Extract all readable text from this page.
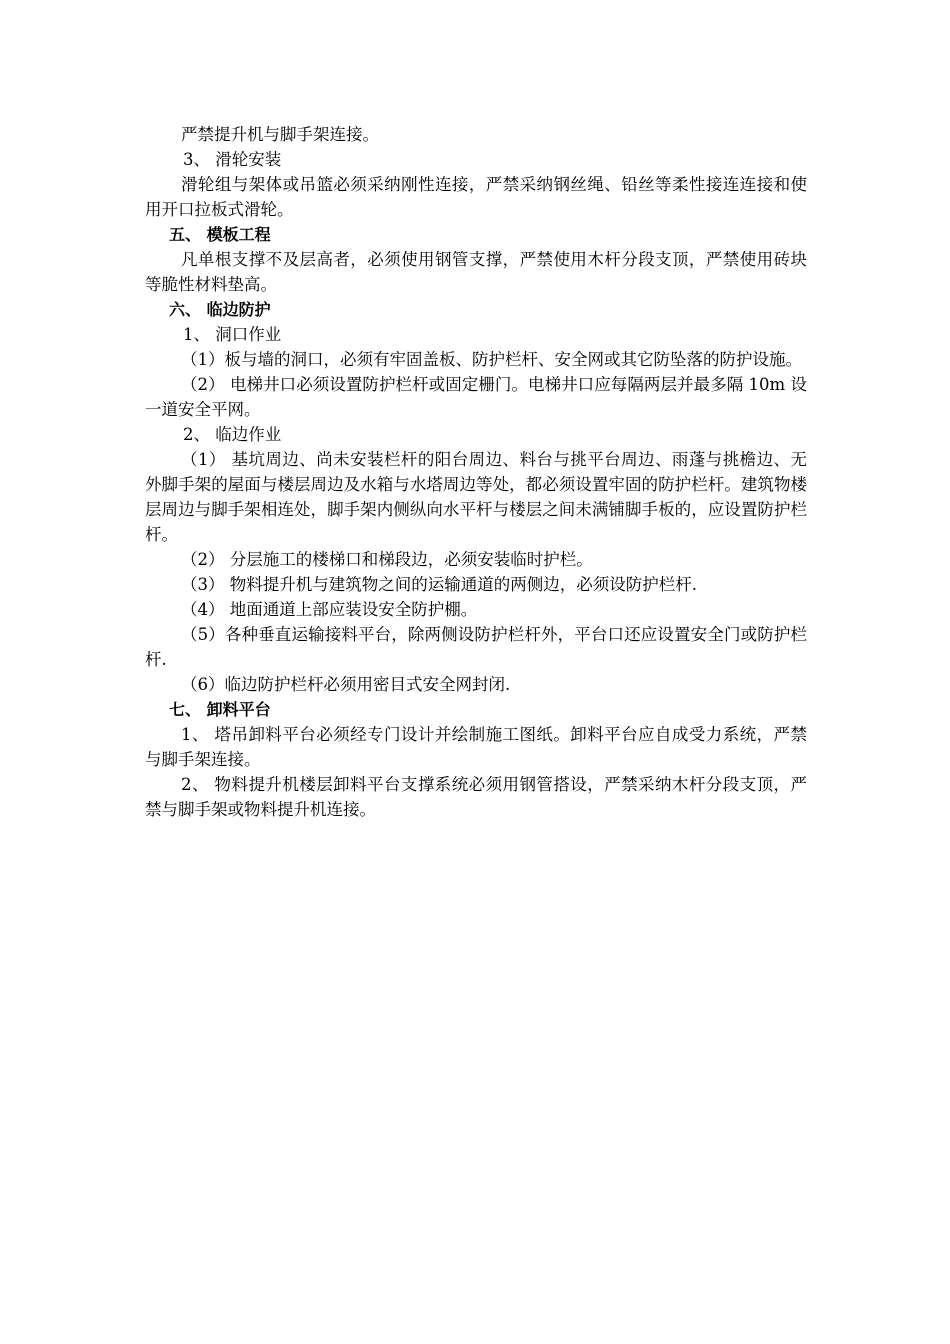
严禁提升机与脚手架连接。

3、 滑轮安装

滑轮组与架体或吊篮必须采纳刚性连接，严禁采纳钢丝绳、铅丝等柔性接连连接和使用开口拉板式滑轮。

五、 模板工程

凡单根支撑不及层高者，必须使用钢管支撑，严禁使用木杆分段支顶，严禁使用砖块等脆性材料垫高。

六、 临边防护

1、 洞口作业

（1）板与墙的洞口，必须有牢固盖板、防护栏杆、安全网或其它防坠落的防护设施。

（2） 电梯井口必须设置防护栏杆或固定栅门。电梯井口应每隔两层并最多隔 10m 设一道安全平网。

2、 临边作业

（1） 基坑周边、尚未安装栏杆的阳台周边、料台与挑平台周边、雨蓬与挑檐边、无外脚手架的屋面与楼层周边及水箱与水塔周边等处，都必须设置牢固的防护栏杆。建筑物楼层周边与脚手架相连处，脚手架内侧纵向水平杆与楼层之间未满铺脚手板的，应设置防护栏杆。

（2） 分层施工的楼梯口和梯段边，必须安装临时护栏。

（3） 物料提升机与建筑物之间的运输通道的两侧边，必须设防护栏杆.

（4） 地面通道上部应装设安全防护棚。

（5）各种垂直运输接料平台，除两侧设防护栏杆外，平台口还应设置安全门或防护栏杆.

（6）临边防护栏杆必须用密目式安全网封闭.

七、 卸料平台

1、 塔吊卸料平台必须经专门设计并绘制施工图纸。卸料平台应自成受力系统，严禁与脚手架连接。

2、 物料提升机楼层卸料平台支撑系统必须用钢管搭设，严禁采纳木杆分段支顶，严禁与脚手架或物料提升机连接。
